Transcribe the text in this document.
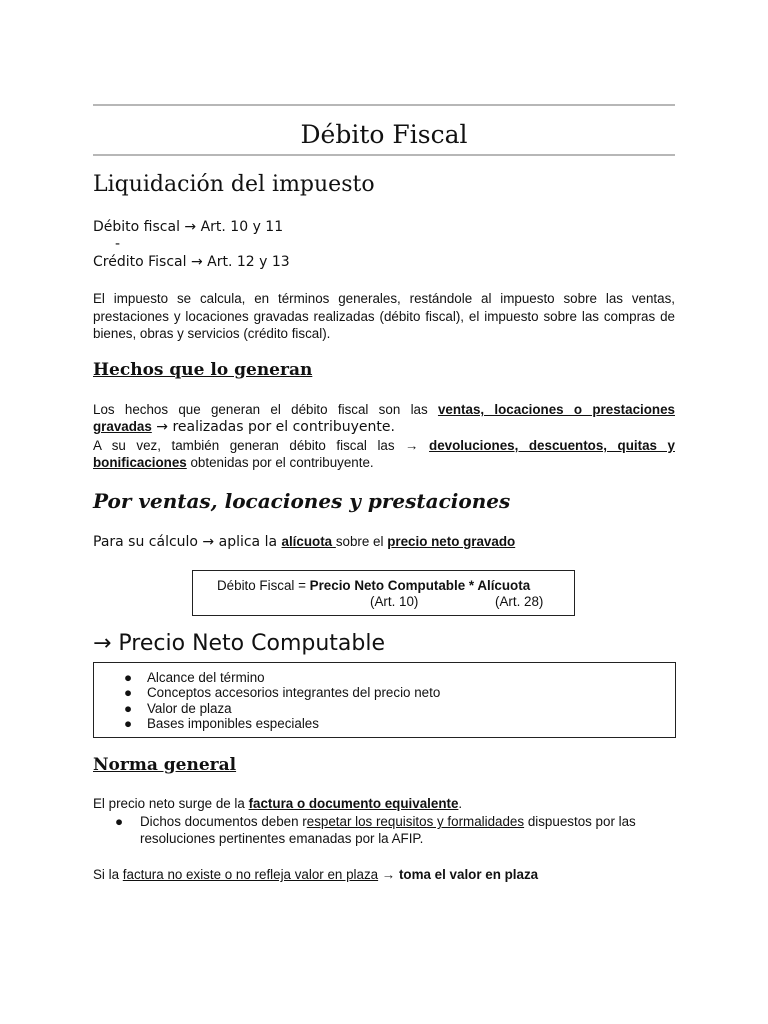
Débito Fiscal
Liquidación del impuesto
Débito fiscal → Art. 10 y 11
-
Crédito Fiscal → Art. 12 y 13
El impuesto se calcula, en términos generales, restándole al impuesto sobre las ventas, prestaciones y locaciones gravadas realizadas (débito fiscal), el impuesto sobre las compras de bienes, obras y servicios (crédito fiscal).
Hechos que lo generan
Los hechos que generan el débito fiscal son las ventas, locaciones o prestaciones
gravadas → realizadas por el contribuyente.
A su vez, también generan débito fiscal las → devoluciones, descuentos, quitas y
bonificaciones obtenidas por el contribuyente.
Por ventas, locaciones y prestaciones
Para su cálculo → aplica la alícuota sobre el precio neto gravado
Débito Fiscal = Precio Neto Computable * Alícuota
(Art. 10)	(Art. 28)
→ Precio Neto Computable
● Alcance del término
● Conceptos accesorios integrantes del precio neto
● Valor de plaza
● Bases imponibles especiales
Norma general
El precio neto surge de la factura o documento equivalente.
● Dichos documentos deben respetar los requisitos y formalidades dispuestos por las
resoluciones pertinentes emanadas por la AFIP.
Si la factura no existe o no refleja valor en plaza → toma el valor en plaza
